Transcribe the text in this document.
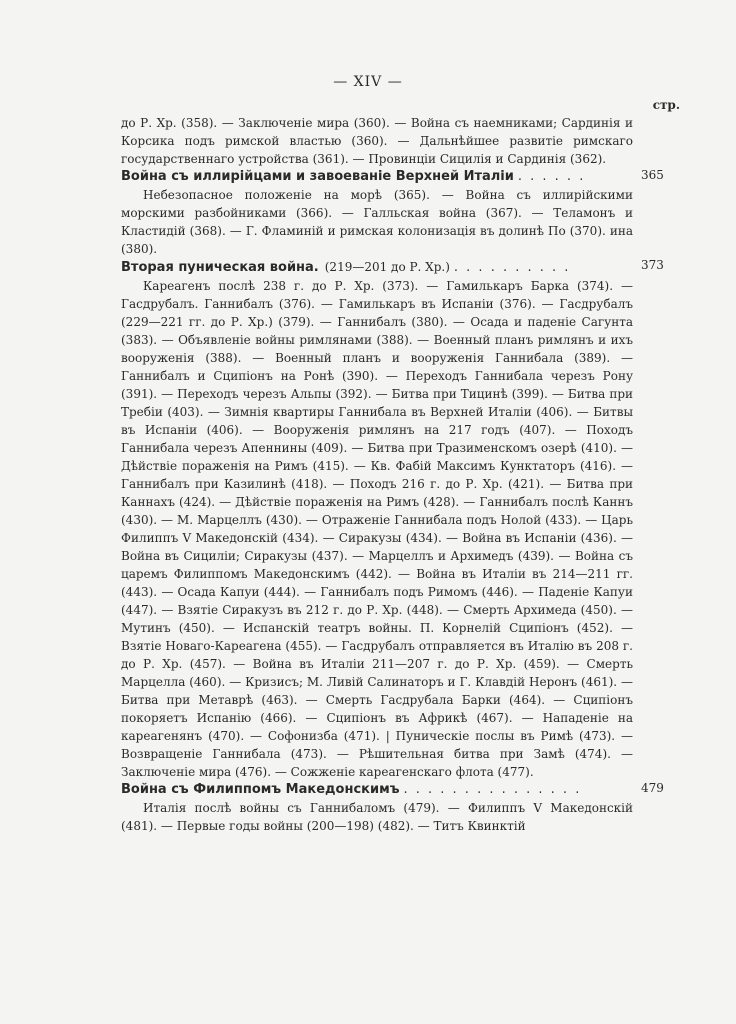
— XIV —
стр.

до Р. Хр. (358). — Заключеніе мира (360). — Война съ наемниками; Сардинія и Корсика подъ римской властью (360). — Дальнѣйшее развитіе римскаго государственнаго устройства (361). — Провинціи Сицилія и Сардинія (362).

Война съ иллирійцами и завоеваніе Верхней Италіи . . . . . .	365

Небезопасное положеніе на морѣ (365). — Война съ иллирійскими морскими разбойниками (366). — Галльская война (367). — Теламонъ и Кластидій (368). — Г. Фламиній и римская колонизація въ долинѣ По (370). ина (380).

Вторая пуническая война. (219—201 до Р. Хр.) . . . . . . . . . .	373

Кареагенъ послѣ 238 г. до Р. Хр. (373). — Гамилькаръ Барка (374). — Гасдрубалъ. Ганнибалъ (376). — Гамилькаръ въ Испаніи (376). — Гасдрубалъ (229—221 гг. до Р. Хр.) (379). — Ганнибалъ (380). — Осада и паденіе Сагунта (383). — Объявленіе войны римлянами (388). — Военный планъ римлянъ и ихъ вооруженія (388). — Военный планъ и вооруженія Ганнибала (389). — Ганнибалъ и Сципіонъ на Ронѣ (390). — Переходъ Ганнибала черезъ Рону (391). — Переходъ черезъ Альпы (392). — Битва при Тицинѣ (399). — Битва при Требіи (403). — Зимнія квартиры Ганнибала въ Верхней Италіи (406). — Битвы въ Испаніи (406). — Вооруженія римлянъ на 217 годъ (407). — Походъ Ганнибала черезъ Апеннины (409). — Битва при Тразименскомъ озерѣ (410). — Дѣйствіе пораженія на Римъ (415). — Кв. Фабій Максимъ Кунктаторъ (416). — Ганнибалъ при Казилинѣ (418). — Походъ 216 г. до Р. Хр. (421). — Битва при Каннахъ (424). — Дѣйствіе пораженія на Римъ (428). — Ганнибалъ послѣ Каннъ (430). — М. Марцеллъ (430). — Отраженіе Ганнибала подъ Нолой (433). — Царь Филиппъ V Македонскій (434). — Сиракузы (434). — Война въ Испаніи (436). — Война въ Сициліи; Сиракузы (437). — Марцеллъ и Архимедъ (439). — Война съ царемъ Филиппомъ Македонскимъ (442). — Война въ Италіи въ 214—211 гг. (443). — Осада Капуи (444). — Ганнибалъ подъ Римомъ (446). — Паденіе Капуи (447). — Взятіе Сиракузъ въ 212 г. до Р. Хр. (448). — Смерть Архимеда (450). — Мутинъ (450). — Испанскій театръ войны. П. Корнелій Сципіонъ (452). — Взятіе Новаго-Кареагена (455). — Гасдрубалъ отправляется въ Италію въ 208 г. до Р. Хр. (457). — Война въ Италіи 211—207 г. до Р. Хр. (459). — Смерть Марцелла (460). — Кризисъ; М. Ливій Салинаторъ и Г. Клавдій Неронъ (461). — Битва при Метаврѣ (463). — Смерть Гасдрубала Барки (464). — Сципіонъ покоряетъ Испанію (466). — Сципіонъ въ Африкѣ (467). — Нападеніе на кареагенянъ (470). — Софонизба (471). | Пуническіе послы въ Римѣ (473). — Возвращеніе Ганнибала (473). — Рѣшительная битва при Замѣ (474). — Заключеніе мира (476). — Сожженіе кареагенскаго флота (477).

Война съ Филиппомъ Македонскимъ . . . . . . . . . . . . . . .	479

Италія послѣ войны съ Ганнибаломъ (479). — Филиппъ V Македонскій (481). — Первые годы войны (200—198) (482). — Титъ Квинктій
